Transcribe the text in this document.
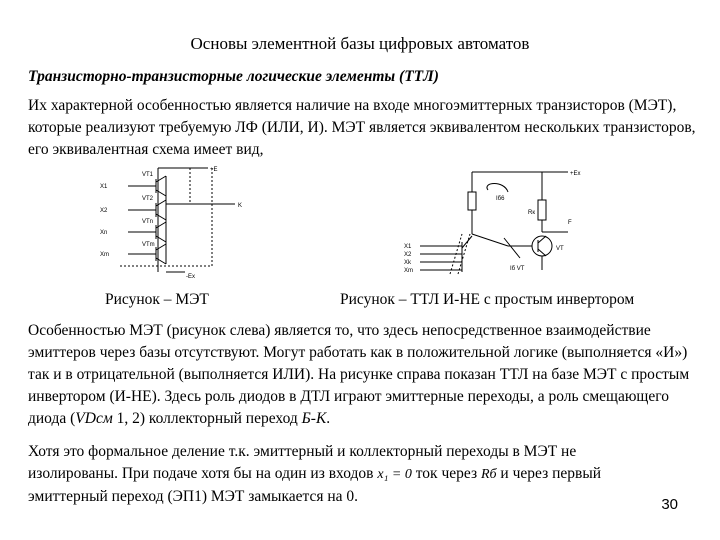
Основы элементной базы цифровых автоматов
Транзисторно-транзисторные логические элементы (ТТЛ)
Их характерной особенностью является наличие на входе многоэмиттерных транзисторов (МЭТ), которые реализуют требуемую ЛФ (ИЛИ, И). МЭТ является эквивалентом нескольких транзисторов, его эквивалентная схема имеет вид,
X1
X2
Xn
Xm
VT1
VT2
VTn
VTm
+E
K
-Ex
X1
X2
Xk
Xm
+Ex
Rк
F
VT
Iб6
Iб VT
Рисунок – МЭТ	Рисунок – ТТЛ И-НЕ с простым инвертором
Особенностью МЭТ (рисунок слева) является то, что здесь непосредственное взаимодействие эмиттеров через базы отсутствуют. Могут работать как в положительной логике (выполняется «И») так и в отрицательной (выполняется ИЛИ). На рисунке справа показан ТТЛ на базе МЭТ с простым инвертором (И-НЕ). Здесь роль диодов в ДТЛ играют эмиттерные переходы, а роль смещающего диода (VDсм 1, 2) коллекторный переход Б-К.
Хотя это формальное деление т.к. эмиттерный и коллекторный переходы в МЭТ не изолированы. При подаче хотя бы на один из входов x₁ = 0 ток через Rб и через первый эмиттерный переход (ЭП1) МЭТ замыкается на 0.	30
